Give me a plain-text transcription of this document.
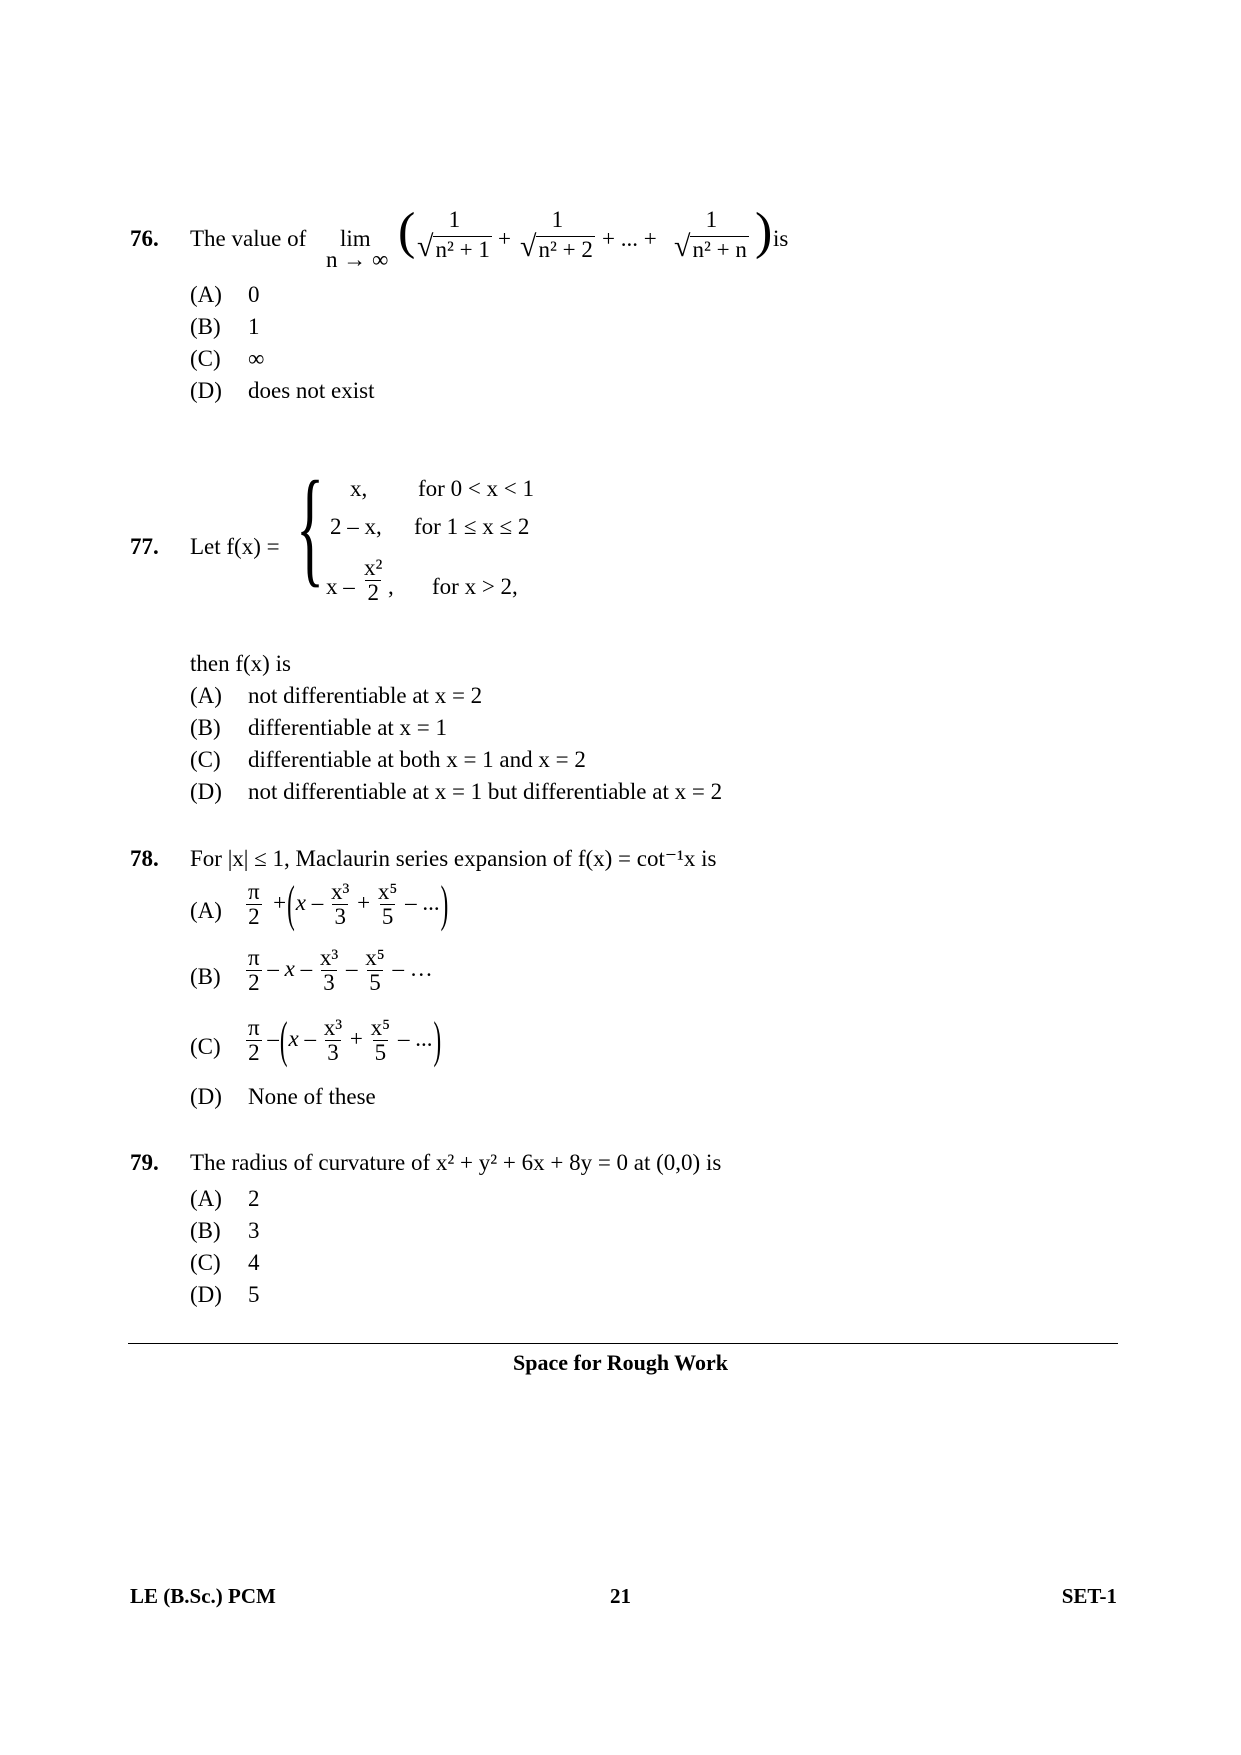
76. The value of lim
n → ∞ ( 1
√ n² + 1 +
1
√ n² + 2 + ... +
1
√ n² + n ) is
(A) 0
(B) 1
(C) ∞
(D) does not exist
77. Let f(x) = { x, for 0 < x < 1
2 – x, for 1 ≤ x ≤ 2
x – $\frac{\text{x²}}{2}$ , for x > 2,
then f(x) is
(A) not differentiable at x = 2
(B) differentiable at x = 1
(C) differentiable at both x = 1 and x = 2
(D) not differentiable at x = 1 but differentiable at x = 2
78. For |x| ≤ 1, Maclaurin series expansion of f(x) = cot⁻¹x is
$(A) \frac{\pi}{2} +(x - \frac{\text{x³}}{3} + \frac{\text{x⁵}}{5}$ – ...)
$(B) \frac{\pi}{2}$ – x – $\frac{\text{x³}}{3} - \frac{\text{x⁵}}{5}$ – …
$(C) \frac{\pi}{2} -(x - \frac{\text{x³}}{3} + \frac{\text{x⁵}}{5}$ – ...)
(D) None of these
79. The radius of curvature of x² + y² + 6x + 8y = 0 at (0,0) is
(A) 2
(B) 3
(C) 4
(D) 5
Space for Rough Work
LE (B.Sc.) PCM	21	SET-1
